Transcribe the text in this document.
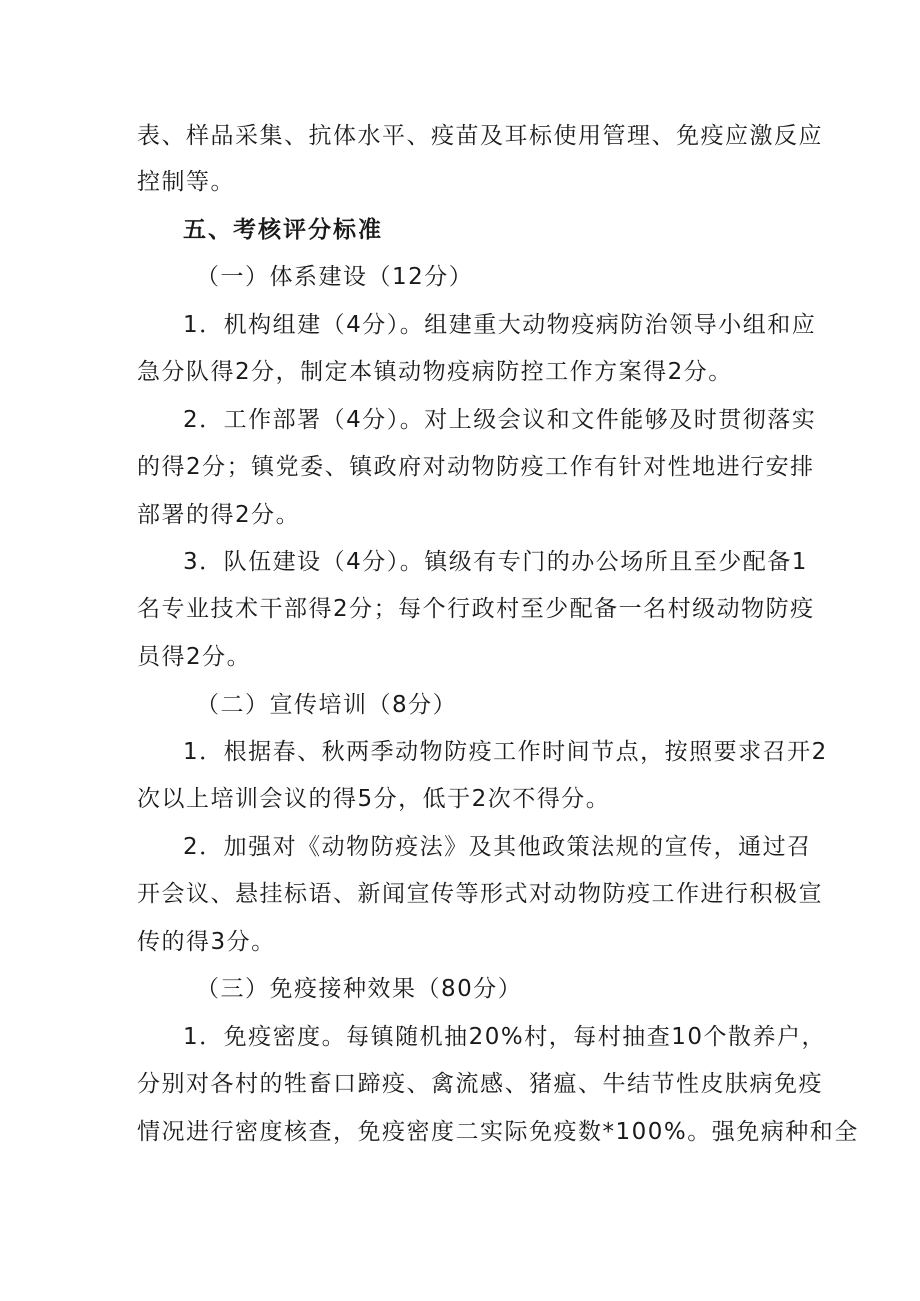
表、样品采集、抗体水平、疫苗及耳标使用管理、免疫应激反应
控制等。
五、考核评分标准
（一）体系建设（12分）
1．机构组建（4分）。组建重大动物疫病防治领导小组和应
急分队得2分，制定本镇动物疫病防控工作方案得2分。
2．工作部署（4分）。对上级会议和文件能够及时贯彻落实
的得2分；镇党委、镇政府对动物防疫工作有针对性地进行安排
部署的得2分。
3．队伍建设（4分）。镇级有专门的办公场所且至少配备1
名专业技术干部得2分；每个行政村至少配备一名村级动物防疫
员得2分。
（二）宣传培训（8分）
1．根据春、秋两季动物防疫工作时间节点，按照要求召开2
次以上培训会议的得5分，低于2次不得分。
2．加强对《动物防疫法》及其他政策法规的宣传，通过召
开会议、悬挂标语、新闻宣传等形式对动物防疫工作进行积极宣
传的得3分。
（三）免疫接种效果（80分）
1．免疫密度。每镇随机抽20%村，每村抽查10个散养户，
分别对各村的牲畜口蹄疫、禽流感、猪瘟、牛结节性皮肤病免疫
情况进行密度核查，免疫密度二实际免疫数*100%。强免病种和全
